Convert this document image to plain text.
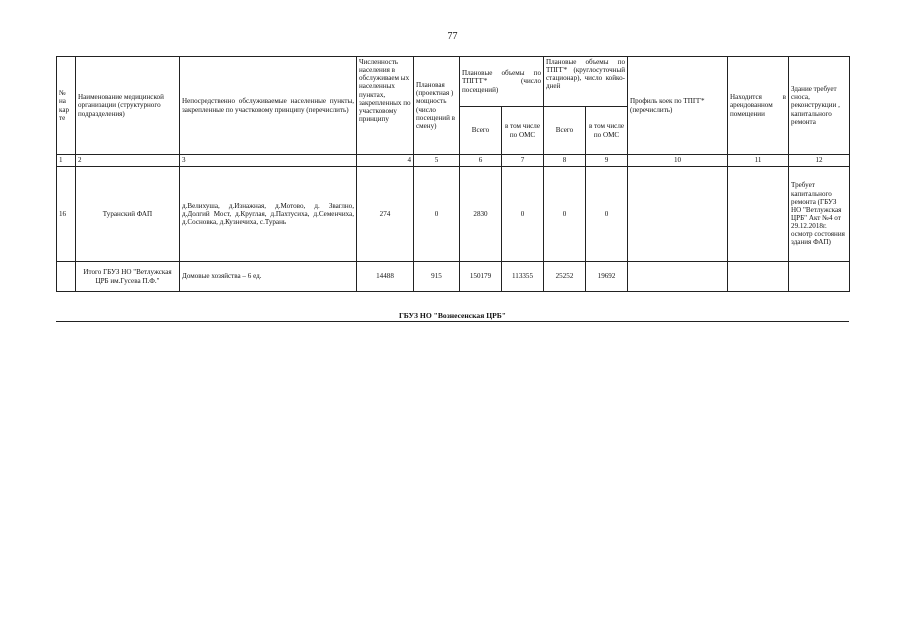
77
№ на кар те	Наименование медицинской организации (структурного подразделения)	Непосредственно обслуживаемые населенные пункты, закрепленные по участковому принципу (перечислить)	Численность населения в обслуживаем ых населенных пунктах, закрепленных по участковому принципу	Плановая (проектная ) мощность (число посещений в смену)	Плановые объемы по ТПГГГ* (число посещений)		Плановые объемы по ТПГГ* (круглосуточный стационар), число койко-дней		Профиль коек по ТПГГ* (перечислить)	Находится в арендованном помещении	Здание требует сноса, реконструкции , капитального ремонта
					Всего	в том числе по ОМС	Всего	в том числе по ОМС			
1	2	3	4	5	6	7	8	9	10	11	12
16	Туранский ФАП	д.Велихуша, д.Изнажная, д.Мотово, д. Зваглно, д.Долгий Мост, д.Круглая, д.Пахтусиха, д.Семенчиха, д.Сосновка, д.Кузнечиха, с.Турань	274	0	2830	0	0	0			Требует капитального ремонта (ГБУЗ НО "Ветлужская ЦРБ" Акт №4 от 29.12.2018г. осмотр состояния здания ФАП)
	Итого ГБУЗ НО "Ветлужская ЦРБ им.Гусева П.Ф."	Домовые хозяйства – 6 ед.	14488	915	150179	113355	25252	19692			
ГБУЗ НО "Вознесенская ЦРБ"
